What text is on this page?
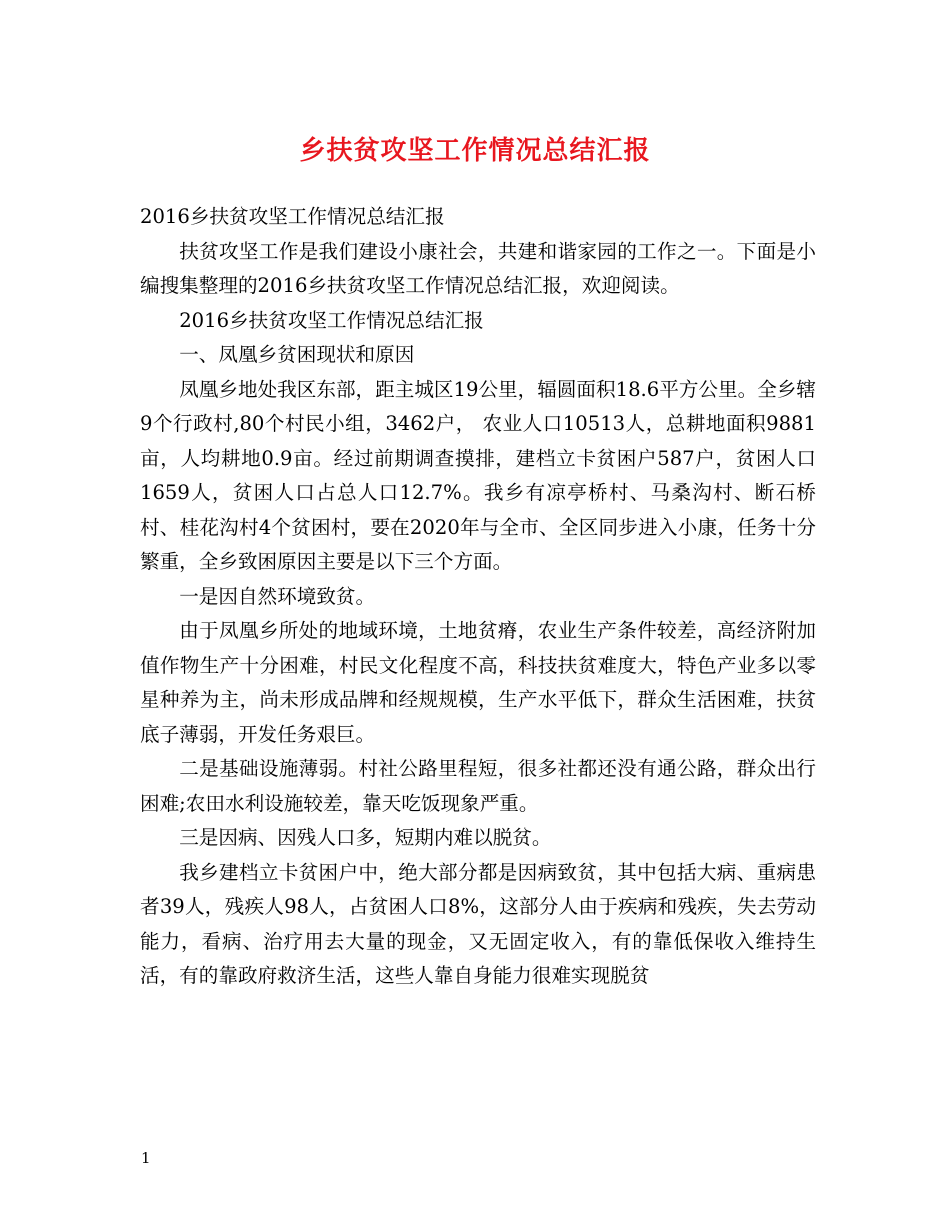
乡扶贫攻坚工作情况总结汇报

2016乡扶贫攻坚工作情况总结汇报

扶贫攻坚工作是我们建设小康社会，共建和谐家园的工作之一。下面是小编搜集整理的2016乡扶贫攻坚工作情况总结汇报，欢迎阅读。

2016乡扶贫攻坚工作情况总结汇报

一、凤凰乡贫困现状和原因

凤凰乡地处我区东部，距主城区19公里，辐圆面积18.6平方公里。全乡辖9个行政村,80个村民小组，3462户， 农业人口10513人，总耕地面积9881亩，人均耕地0.9亩。经过前期调查摸排，建档立卡贫困户587户，贫困人口1659人，贫困人口占总人口12.7%。我乡有凉亭桥村、马桑沟村、断石桥村、桂花沟村4个贫困村，要在2020年与全市、全区同步进入小康，任务十分繁重，全乡致困原因主要是以下三个方面。

一是因自然环境致贫。

由于凤凰乡所处的地域环境，土地贫瘠，农业生产条件较差，高经济附加值作物生产十分困难，村民文化程度不高，科技扶贫难度大，特色产业多以零星种养为主，尚未形成品牌和经规规模，生产水平低下，群众生活困难，扶贫底子薄弱，开发任务艰巨。

二是基础设施薄弱。村社公路里程短，很多社都还没有通公路，群众出行困难;农田水利设施较差，靠天吃饭现象严重。

三是因病、因残人口多，短期内难以脱贫。

我乡建档立卡贫困户中，绝大部分都是因病致贫，其中包括大病、重病患者39人，残疾人98人，占贫困人口8%，这部分人由于疾病和残疾，失去劳动能力，看病、治疗用去大量的现金，又无固定收入，有的靠低保收入维持生活，有的靠政府救济生活，这些人靠自身能力很难实现脱贫

1
